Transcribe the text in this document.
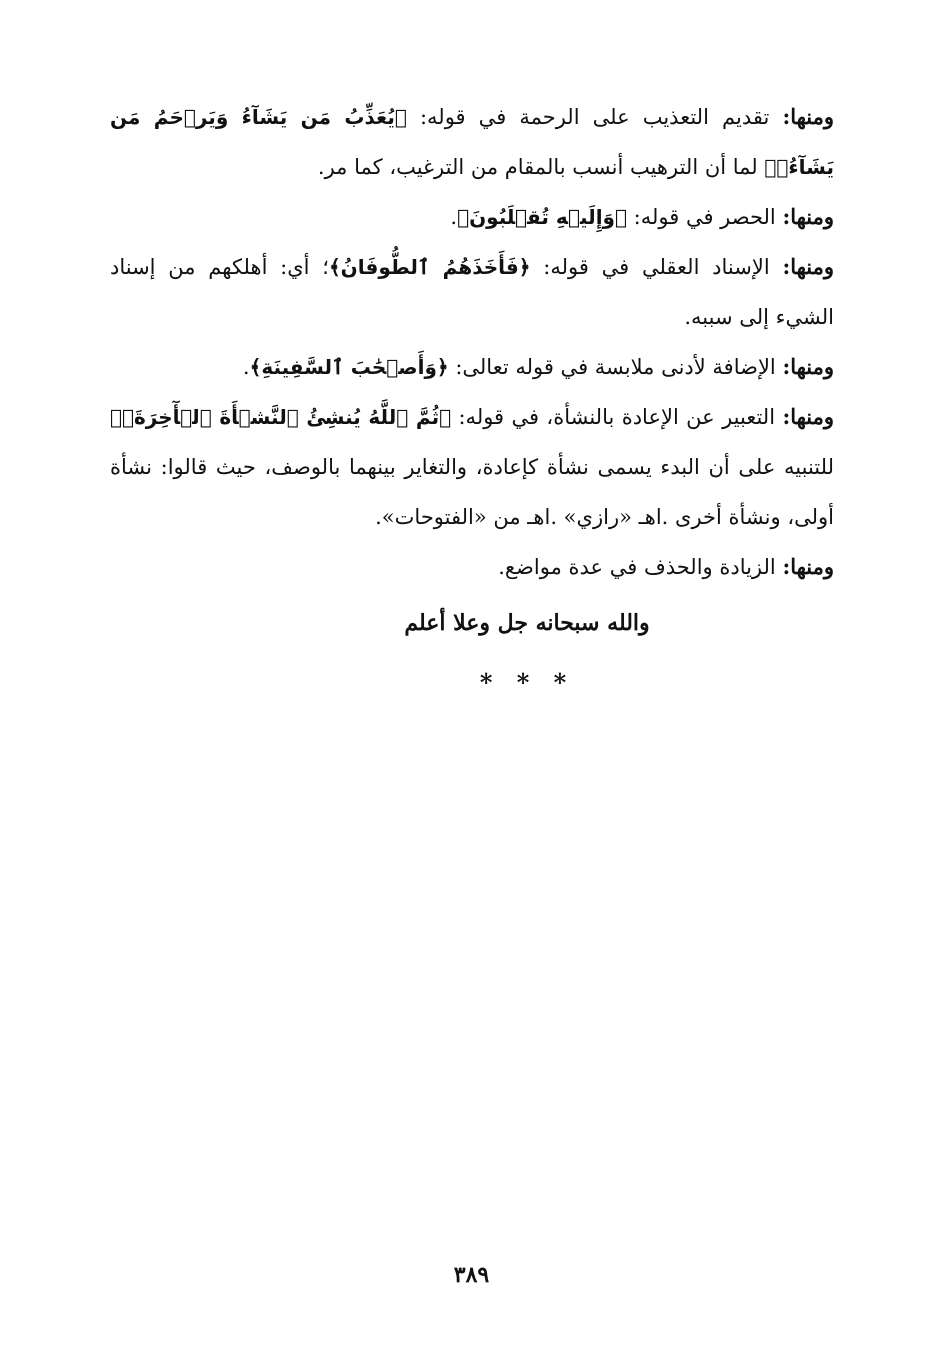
ومنها: تقديم التعذيب على الرحمة في قوله: ﴿يُعَذِّبُ مَن يَشَآءُ وَيَرۡحَمُ مَن يَشَآءُۖ﴾ لما أن الترهيب أنسب بالمقام من الترغيب، كما مر.

ومنها: الحصر في قوله: ﴿وَإِلَيۡهِ تُقۡلَبُونَ﴾.

ومنها: الإسناد العقلي في قوله: ﴿فَأَخَذَهُمُ ٱلطُّوفَانُ﴾؛ أي: أهلكهم من إسناد الشيء إلى سببه.

ومنها: الإضافة لأدنى ملابسة في قوله تعالى: ﴿وَأَصۡحَٰبَ ٱلسَّفِينَةِ﴾.

ومنها: التعبير عن الإعادة بالنشأة، في قوله: ﴿ثُمَّ ٱللَّهُ يُنشِئُ ٱلنَّشۡأَةَ ٱلۡأٓخِرَةَۚ﴾ للتنبيه على أن البدء يسمى نشأة كإعادة، والتغاير بينهما بالوصف، حيث قالوا: نشأة أولى، ونشأة أخرى .اهـ «رازي» .اهـ من «الفتوحات».

ومنها: الزيادة والحذف في عدة مواضع.

والله سبحانه جل وعلا أعلم

* * *

٣٨٩
